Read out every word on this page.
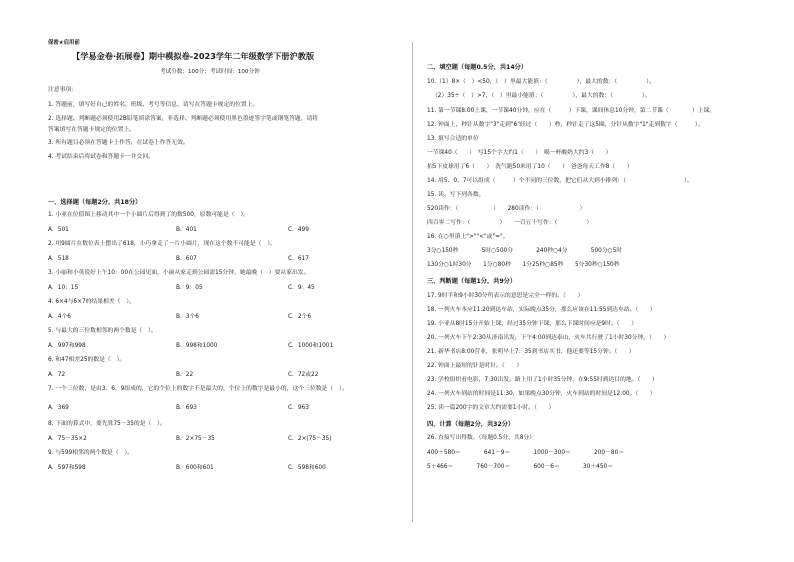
保密★启用前
【学易金卷·拓展卷】期中模拟卷-2023学年二年级数学下册沪教版
考试分数：100分；考试时间：100分钟
注意事项：
1. 答题前，填写好自己的姓名、班级、考号等信息，请写在答题卡规定的位置上。
2. 选择题、判断题必须使用2B铅笔填涂答案，非选择、判断题必须使用黑色墨迹签字笔或钢笔答题，请将
答案填写在答题卡规定的位置上。
3. 所有题目必须在答题卡上作答，在试卷上作答无效。
4. 考试结束后将试卷和答题卡一并交回。
一、选择题（每题2分，共18分）
1. 小亚在位值图上移动其中一个小圆片后得到了的数500，原数可能是（　）。
A．501	B．401	C．499
2. 用9圆片在数位表上摆出了618，小巧拿走了一片小圆片，现在这个数不可能是（　）。
A．518	B．607	C．617
3. 小丽和小英说好上午10：00在公园见面，小丽从家走到公园需15分钟，她最晚（　）要从家出发。
A．10：15	B．9：05	C．9：45
4. 6×4与6×7的结果相差（　）。
A．4个6	B．3个6	C．2个6
5. 与最大的三位数相邻的两个数是（　）。
A．997和998	B．998和1000	C．1000和1001
6. 和47相差25的数是（　）。
A．72	B．22	C．72或22
7. 一个三位数，是由3、6、9组成的，它的个位上的数字不是最大的，个位上的数字是最小的，这个三位数是（　）。
A．369	B．693	C．963
8. 下面的算式中，要先算75－35的是（　）。
A．75－35×2	B．2×75－35	C．2×(75－35)
9. 与599相邻的两个数是（　）。
A．597和598	B．600和601	C．598和600
二、填空题（每题0.5分，共14分）
10.（1）8×（　）<50，（　）里最大能填：（　　　　　），最大的数：（　　　　　）。
（2）35÷（　）>7，（　）里最小能填：（　　　　　），最大的数：（　　　　　）。
11. 第一节课8:00上课，一节课40分钟，应在（　　　）下课，课间休息10分钟，第二节课（　　　　）上课。
12. 钟面上，秒针从数字"3"走到"6"经过（　　）秒，秒针走了这5圈，分针从数字"1"走到数字（　　　）。
13. 填写合适的单位
一节课40（　　）　写15个字大约1（　　）　喝一杯酸奶大约3（　　）
拍5下皮球用了6（　　）　洗气跑50米用了10（　　）　爸爸每天工作8（　　）
14. 用5、0、7可以组成（　　　）个不同的三位数，把它们从大到小排列：（　　　　　　　　　　）。
15. 读、写下列各数。
520读作：（　　　　　　）　　280读作：（　　　　　　　）
四百零二写作：（　　　　　）　　一百五十写作：（　　　　　）
16. 在○里填上">""<"或"="。
3分○150秒　　　　5时○500分　　　　240秒○4分　　　　500分○5时
130分○1时30分　　1分○80秒　　1分25秒○85秒　　5分30秒○150秒
三、判断题（每题1分，共9分）
17. 9时半和9小时30分所表示的意思是完全一样的。（　　）
18. 一列火车本应11:20到达车站，实际晚点35分，那么应该在11:55到达车站。（　　）
19. 小亚从8时15分开始上课，经过35分钟下课，那么下课时间应是9时。（　　）
20. 一列火车下午2:30从济南出发，下午4:00到达泰山，火车共行驶了1小时30分钟。（　　）
21. 新华书店8:00营业，张明早上7：35到书店买书，他还要等15分钟。（　　）
22. 钟面上最短的针是时针。（　　）
23. 学校组织看电影，7:30出发，路上用了1小时35分钟，在9:55时到达目的地。（　　）
24. 一列火车到站的时间是11:30，如果晚点30分钟，火车到站的时间是12:00。（　　）
25. 读一篇200字的文章大约需要1小时。（　　）
四、计算（每题2分，共32分）
26. 直接写出得数。（每题0.5分，共8分）
400＋580＝　　　　641－9＝　　　　1000－300＝　　　　200－80＝
5＋466＝　　　　760－700＝　　　　600－6＝　　　　30＋450＝
